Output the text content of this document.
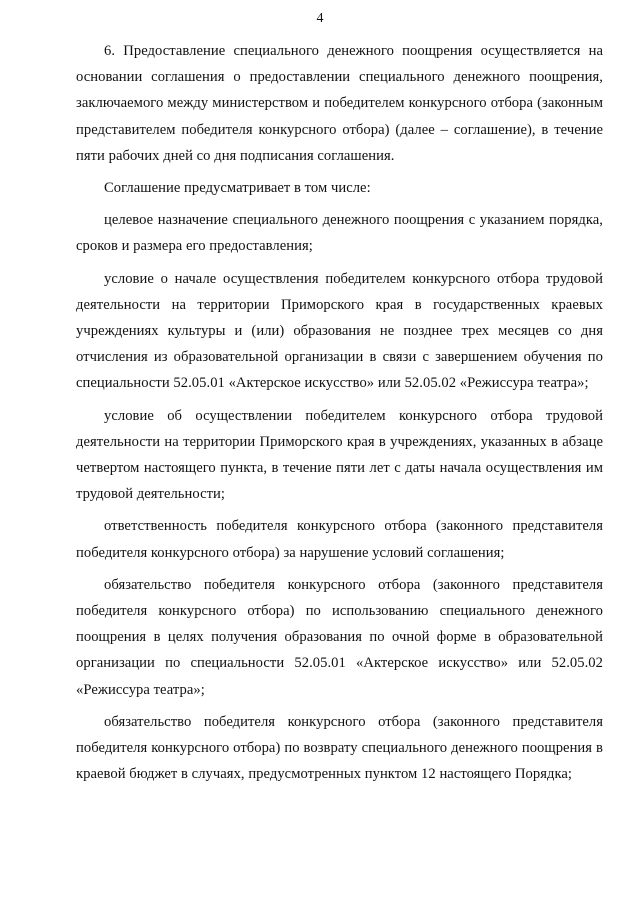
4

6. Предоставление специального денежного поощрения осуществляется на основании соглашения о предоставлении специального денежного поощрения, заключаемого между министерством и победителем конкурсного отбора (законным представителем победителя конкурсного отбора) (далее – соглашение), в течение пяти рабочих дней со дня подписания соглашения.

Соглашение предусматривает в том числе:

целевое назначение специального денежного поощрения с указанием порядка, сроков и размера его предоставления;

условие о начале осуществления победителем конкурсного отбора трудовой деятельности на территории Приморского края в государственных краевых учреждениях культуры и (или) образования не позднее трех месяцев со дня отчисления из образовательной организации в связи с завершением обучения по специальности 52.05.01 «Актерское искусство» или 52.05.02 «Режиссура театра»;

условие об осуществлении победителем конкурсного отбора трудовой деятельности на территории Приморского края в учреждениях, указанных в абзаце четвертом настоящего пункта, в течение пяти лет с даты начала осуществления им трудовой деятельности;

ответственность победителя конкурсного отбора (законного представителя победителя конкурсного отбора) за нарушение условий соглашения;

обязательство победителя конкурсного отбора (законного представителя победителя конкурсного отбора) по использованию специального денежного поощрения в целях получения образования по очной форме в образовательной организации по специальности 52.05.01 «Актерское искусство» или 52.05.02 «Режиссура театра»;

обязательство победителя конкурсного отбора (законного представителя победителя конкурсного отбора) по возврату специального денежного поощрения в краевой бюджет в случаях, предусмотренных пунктом 12 настоящего Порядка;
